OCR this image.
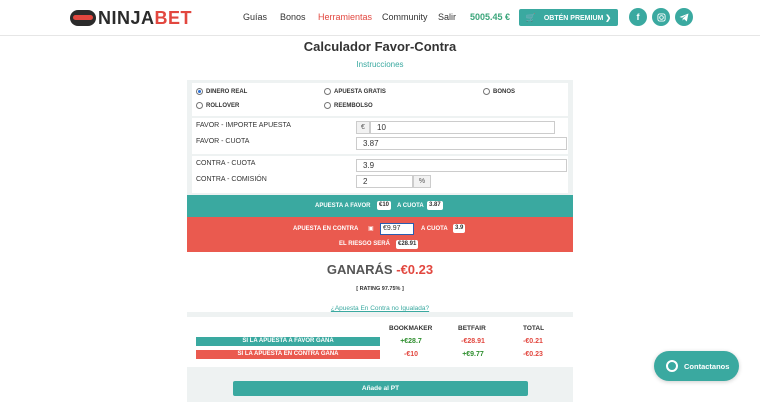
NINJA BET	Guías Bonos Herramientas Community Salir 5005.45 € 🛒 OBTÉN PREMIUM ❯	f
Calculador Favor-Contra
Instrucciones
DINERO REAL	APUESTA GRATIS	BONOS
ROLLOVER	REEMBOLSO
FAVOR - IMPORTE APUESTA	€	10
FAVOR - CUOTA	3.87
CONTRA - CUOTA	3.9
CONTRA - COMISIÓN	2	%
APUESTA A FAVOR	€10	A CUOTA 3.87
APUESTA EN CONTRA ▣	€9.97	A CUOTA	3.9
EL RIESGO SERÁ	€28.91
GANARÁS -€0.23
[ RATING 97.75% ]
¿Apuesta En Contra no Igualada?
BOOKMAKER	BETFAIR	TOTAL
SI LA APUESTA A FAVOR GANA	+€28.7	-€28.91	-€0.21
SI LA APUESTA EN CONTRA GANA	-€10	+€9.77	-€0.23
Añade al PT
Contactanos
